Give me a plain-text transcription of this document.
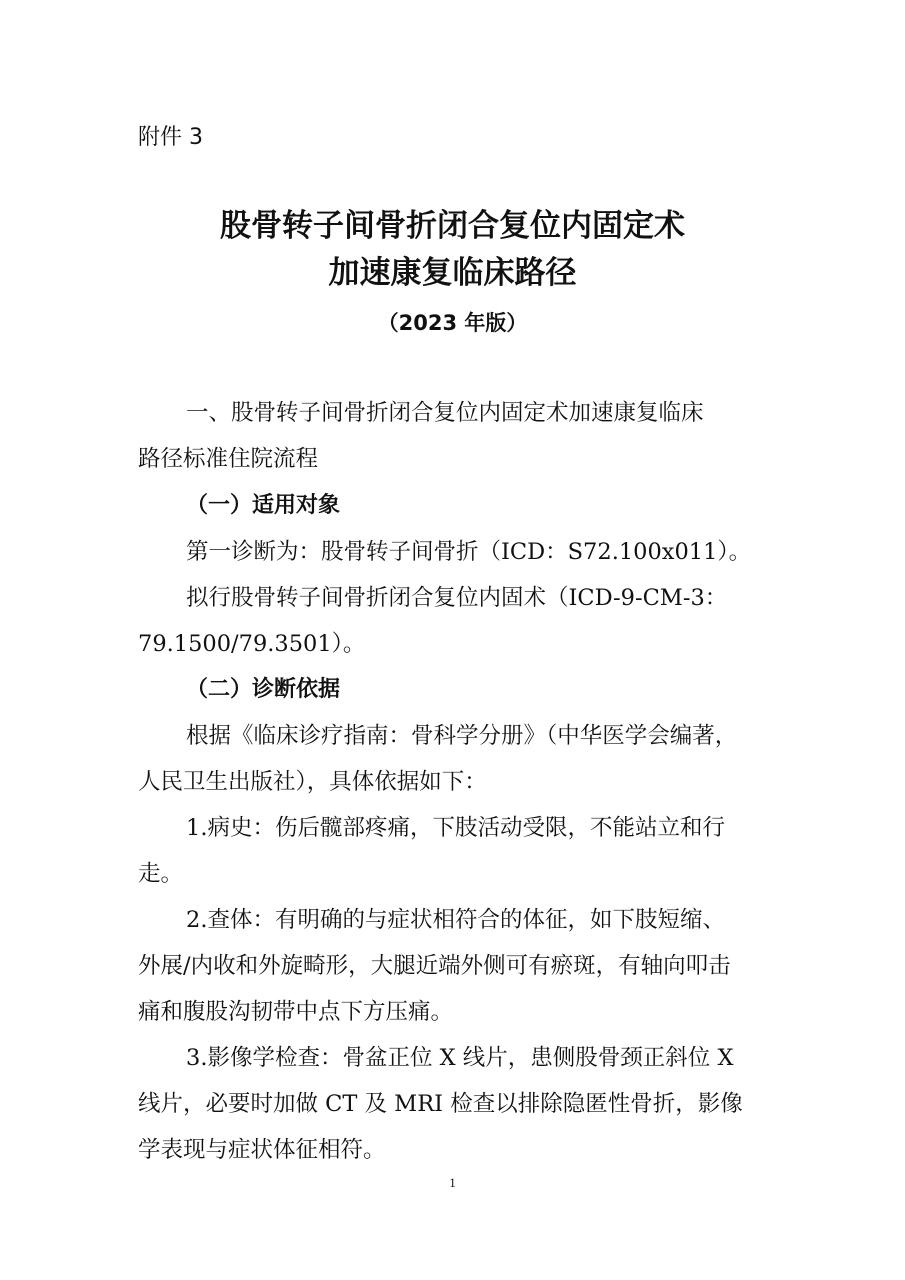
附件 3
股骨转子间骨折闭合复位内固定术
加速康复临床路径
（2023 年版）
一、股骨转子间骨折闭合复位内固定术加速康复临床
路径标准住院流程
（一）适用对象
第一诊断为：股骨转子间骨折（ICD：S72.100x011）。
拟行股骨转子间骨折闭合复位内固术（ICD-9-CM-3：
79.1500/79.3501）。
（二）诊断依据
根据《临床诊疗指南：骨科学分册》（中华医学会编著，
人民卫生出版社），具体依据如下：
1.病史：伤后髋部疼痛，下肢活动受限，不能站立和行
走。
2.查体：有明确的与症状相符合的体征，如下肢短缩、
外展/内收和外旋畸形，大腿近端外侧可有瘀斑，有轴向叩击
痛和腹股沟韧带中点下方压痛。
3.影像学检查：骨盆正位 X 线片，患侧股骨颈正斜位 X
线片，必要时加做 CT 及 MRI 检查以排除隐匿性骨折，影像
学表现与症状体征相符。
1
